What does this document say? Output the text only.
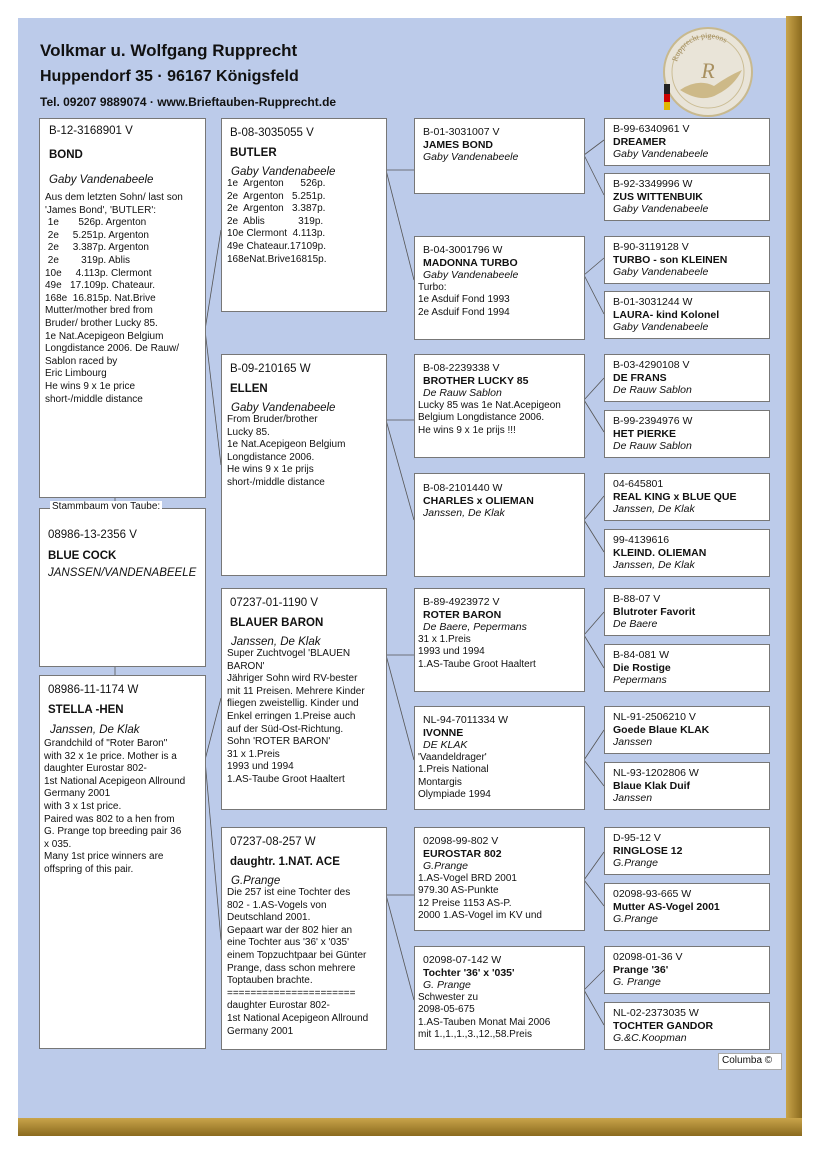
Volkmar u. Wolfgang Rupprecht
Huppendorf 35 · 96167 Königsfeld
Tel. 09207 9889074 · www.Brieftauben-Rupprecht.de
Rupprecht pigeons
R
B-12-3168901 V
BOND
Gaby Vandenabeele
Aus dem letzten Sohn/ last son
'James Bond', 'BUTLER':
1e       526p. Argenton
2e     5.251p. Argenton
2e     3.387p. Argenton
2e        319p. Ablis
10e     4.113p. Clermont
49e   17.109p. Chateaur.
168e  16.815p. Nat.Brive
Mutter/mother bred from
Bruder/ brother Lucky 85.
1e Nat.Acepigeon Belgium
Longdistance 2006. De Rauw/
Sablon raced by
Eric Limbourg
He wins 9 x 1e price
short-/middle distance
08986-13-2356 V
BLUE COCK
JANSSEN/VANDENABEELE
Stammbaum von Taube:
08986-11-1174 W
STELLA -HEN
Janssen, De Klak
Grandchild of "Roter Baron"
with 32 x 1e price. Mother is a
daughter Eurostar 802-
1st National Acepigeon Allround
Germany 2001
with 3 x 1st price.
Paired was 802 to a hen from
G. Prange top breeding pair 36
x 035.
Many 1st price winners are
offspring of this pair.
B-08-3035055 V
BUTLER
Gaby Vandenabeele
1e  Argenton      526p.
2e  Argenton   5.251p.
2e  Argenton   3.387p.
2e  Ablis            319p.
10e Clermont  4.113p.
49e Chateaur.17109p.
168eNat.Brive16815p.
B-09-210165 W
ELLEN
Gaby Vandenabeele
From Bruder/brother
Lucky 85.
1e Nat.Acepigeon Belgium
Longdistance 2006.
He wins 9 x 1e prijs
short-/middle distance
07237-01-1190 V
BLAUER BARON
Janssen, De Klak
Super Zuchtvogel 'BLAUEN
BARON'
Jähriger Sohn wird RV-bester
mit 11 Preisen. Mehrere Kinder
fliegen zweistellig. Kinder und
Enkel erringen 1.Preise auch
auf der Süd-Ost-Richtung.
Sohn 'ROTER BARON'
31 x 1.Preis
1993 und 1994
1.AS-Taube Groot Haaltert
07237-08-257 W
daughtr. 1.NAT. ACE
G.Prange
Die 257 ist eine Tochter des
802 - 1.AS-Vogels von
Deutschland 2001.
Gepaart war der 802 hier an
eine Tochter aus '36' x '035'
einem Topzuchtpaar bei Günter
Prange, dass schon mehrere
Toptauben brachte.
======================
daughter Eurostar 802-
1st National Acepigeon Allround
Germany 2001
B-01-3031007 V
JAMES BOND
Gaby Vandenabeele
B-04-3001796 W
MADONNA TURBO
Gaby Vandenabeele
Turbo:
1e Asduif Fond 1993
2e Asduif Fond 1994
B-08-2239338 V
BROTHER LUCKY 85
De Rauw Sablon
Lucky 85 was 1e Nat.Acepigeon
Belgium Longdistance 2006.
He wins 9 x 1e prijs !!!
B-08-2101440 W
CHARLES x OLIEMAN
Janssen, De Klak
B-89-4923972 V
ROTER BARON
De Baere, Pepermans
31 x 1.Preis
1993 und 1994
1.AS-Taube Groot Haaltert
NL-94-7011334 W
IVONNE
DE KLAK
'Vaandeldrager'
1.Preis National
Montargis
Olympiade 1994
02098-99-802 V
EUROSTAR 802
G.Prange
1.AS-Vogel BRD 2001
979.30 AS-Punkte
12 Preise 1153 AS-P.
2000 1.AS-Vogel im KV und
02098-07-142 W
Tochter '36' x '035'
G. Prange
Schwester zu
2098-05-675
1.AS-Tauben Monat Mai 2006
mit 1.,1.,1.,3.,12.,58.Preis
B-99-6340961 V
DREAMER
Gaby Vandenabeele
B-92-3349996 W
ZUS WITTENBUIK
Gaby Vandenabeele
B-90-3119128 V
TURBO - son KLEINEN
Gaby Vandenabeele
B-01-3031244 W
LAURA- kind Kolonel
Gaby Vandenabeele
B-03-4290108 V
DE FRANS
De Rauw Sablon
B-99-2394976 W
HET PIERKE
De Rauw Sablon
04-645801
REAL KING x BLUE QUE
Janssen, De Klak
99-4139616
KLEIND. OLIEMAN
Janssen, De Klak
B-88-07 V
Blutroter Favorit
De Baere
B-84-081 W
Die Rostige
Pepermans
NL-91-2506210 V
Goede Blaue KLAK
Janssen
NL-93-1202806 W
Blaue Klak Duif
Janssen
D-95-12 V
RINGLOSE 12
G.Prange
02098-93-665 W
Mutter AS-Vogel 2001
G.Prange
02098-01-36 V
Prange '36'
G. Prange
NL-02-2373035 W
TOCHTER GANDOR
G.&C.Koopman
Columba ©
